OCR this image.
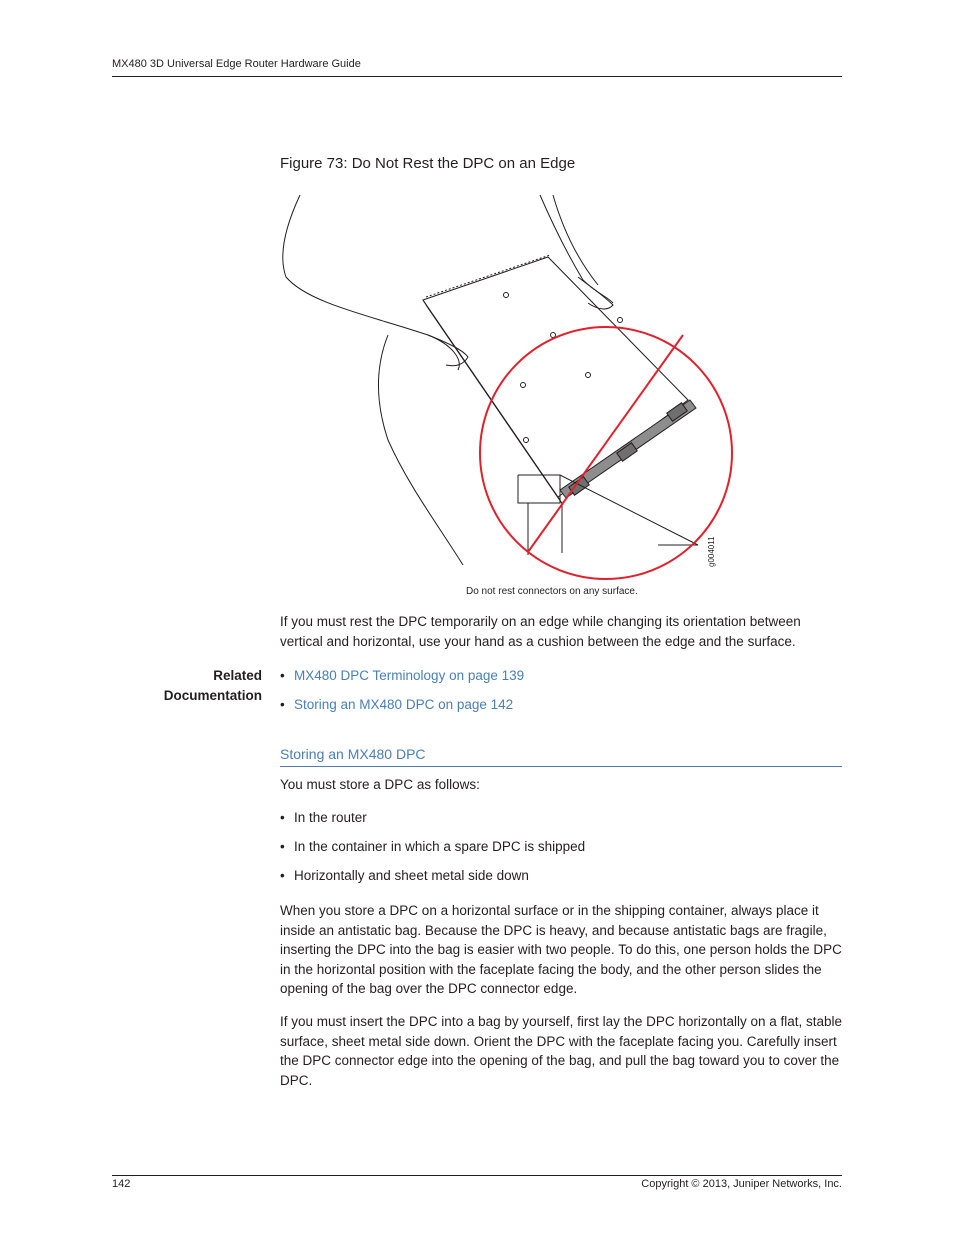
MX480 3D Universal Edge Router Hardware Guide
Figure 73: Do Not Rest the DPC on an Edge
g004011
Do not rest connectors on any surface.
If you must rest the DPC temporarily on an edge while changing its orientation between vertical and horizontal, use your hand as a cushion between the edge and the surface.
Related
Documentation
• MX480 DPC Terminology on page 139
• Storing an MX480 DPC on page 142
Storing an MX480 DPC
You must store a DPC as follows:
• In the router
• In the container in which a spare DPC is shipped
• Horizontally and sheet metal side down
When you store a DPC on a horizontal surface or in the shipping container, always place it inside an antistatic bag. Because the DPC is heavy, and because antistatic bags are fragile, inserting the DPC into the bag is easier with two people. To do this, one person holds the DPC in the horizontal position with the faceplate facing the body, and the other person slides the opening of the bag over the DPC connector edge.
If you must insert the DPC into a bag by yourself, first lay the DPC horizontally on a flat, stable surface, sheet metal side down. Orient the DPC with the faceplate facing you. Carefully insert the DPC connector edge into the opening of the bag, and pull the bag toward you to cover the DPC.
142	Copyright © 2013, Juniper Networks, Inc.
